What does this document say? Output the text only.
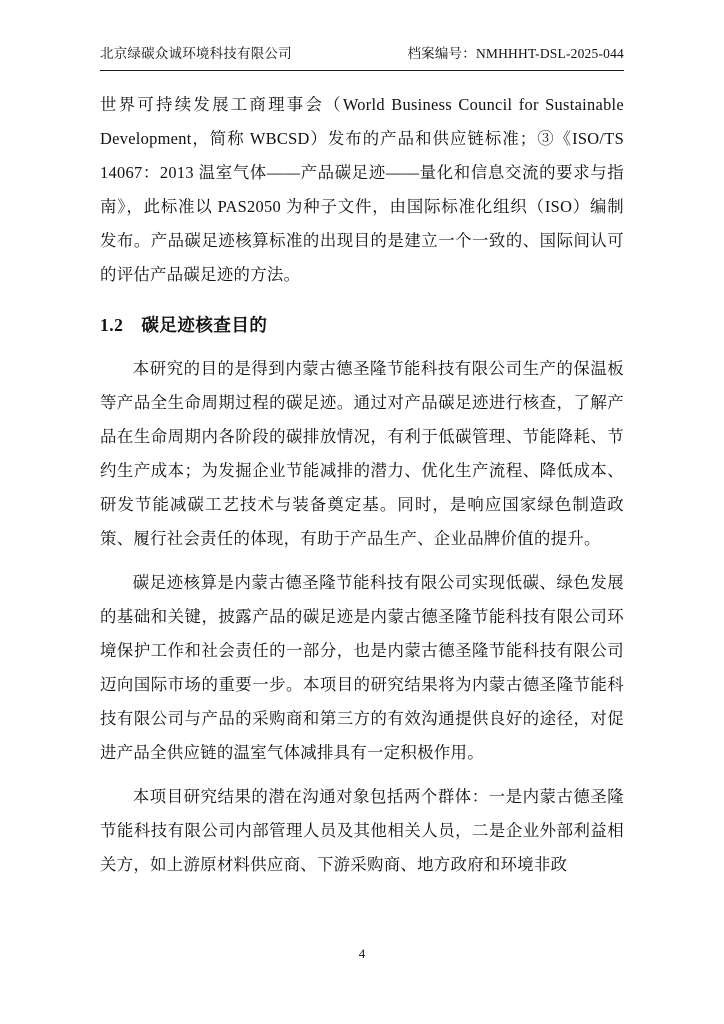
北京绿碳众诚环境科技有限公司	档案编号：NMHHHT-DSL-2025-044

世界可持续发展工商理事会（World Business Council for Sustainable Development，简称 WBCSD）发布的产品和供应链标准；③《ISO/TS 14067：2013 温室气体——产品碳足迹——量化和信息交流的要求与指南》，此标准以 PAS2050 为种子文件，由国际标准化组织（ISO）编制发布。产品碳足迹核算标准的出现目的是建立一个一致的、国际间认可的评估产品碳足迹的方法。

1.2 碳足迹核查目的

本研究的目的是得到内蒙古德圣隆节能科技有限公司生产的保温板等产品全生命周期过程的碳足迹。通过对产品碳足迹进行核查，了解产品在生命周期内各阶段的碳排放情况，有利于低碳管理、节能降耗、节约生产成本；为发掘企业节能减排的潜力、优化生产流程、降低成本、研发节能减碳工艺技术与装备奠定基。同时，是响应国家绿色制造政策、履行社会责任的体现，有助于产品生产、企业品牌价值的提升。

碳足迹核算是内蒙古德圣隆节能科技有限公司实现低碳、绿色发展的基础和关键，披露产品的碳足迹是内蒙古德圣隆节能科技有限公司环境保护工作和社会责任的一部分，也是内蒙古德圣隆节能科技有限公司迈向国际市场的重要一步。本项目的研究结果将为内蒙古德圣隆节能科技有限公司与产品的采购商和第三方的有效沟通提供良好的途径，对促进产品全供应链的温室气体减排具有一定积极作用。

本项目研究结果的潜在沟通对象包括两个群体：一是内蒙古德圣隆节能科技有限公司内部管理人员及其他相关人员，二是企业外部利益相关方，如上游原材料供应商、下游采购商、地方政府和环境非政

4
